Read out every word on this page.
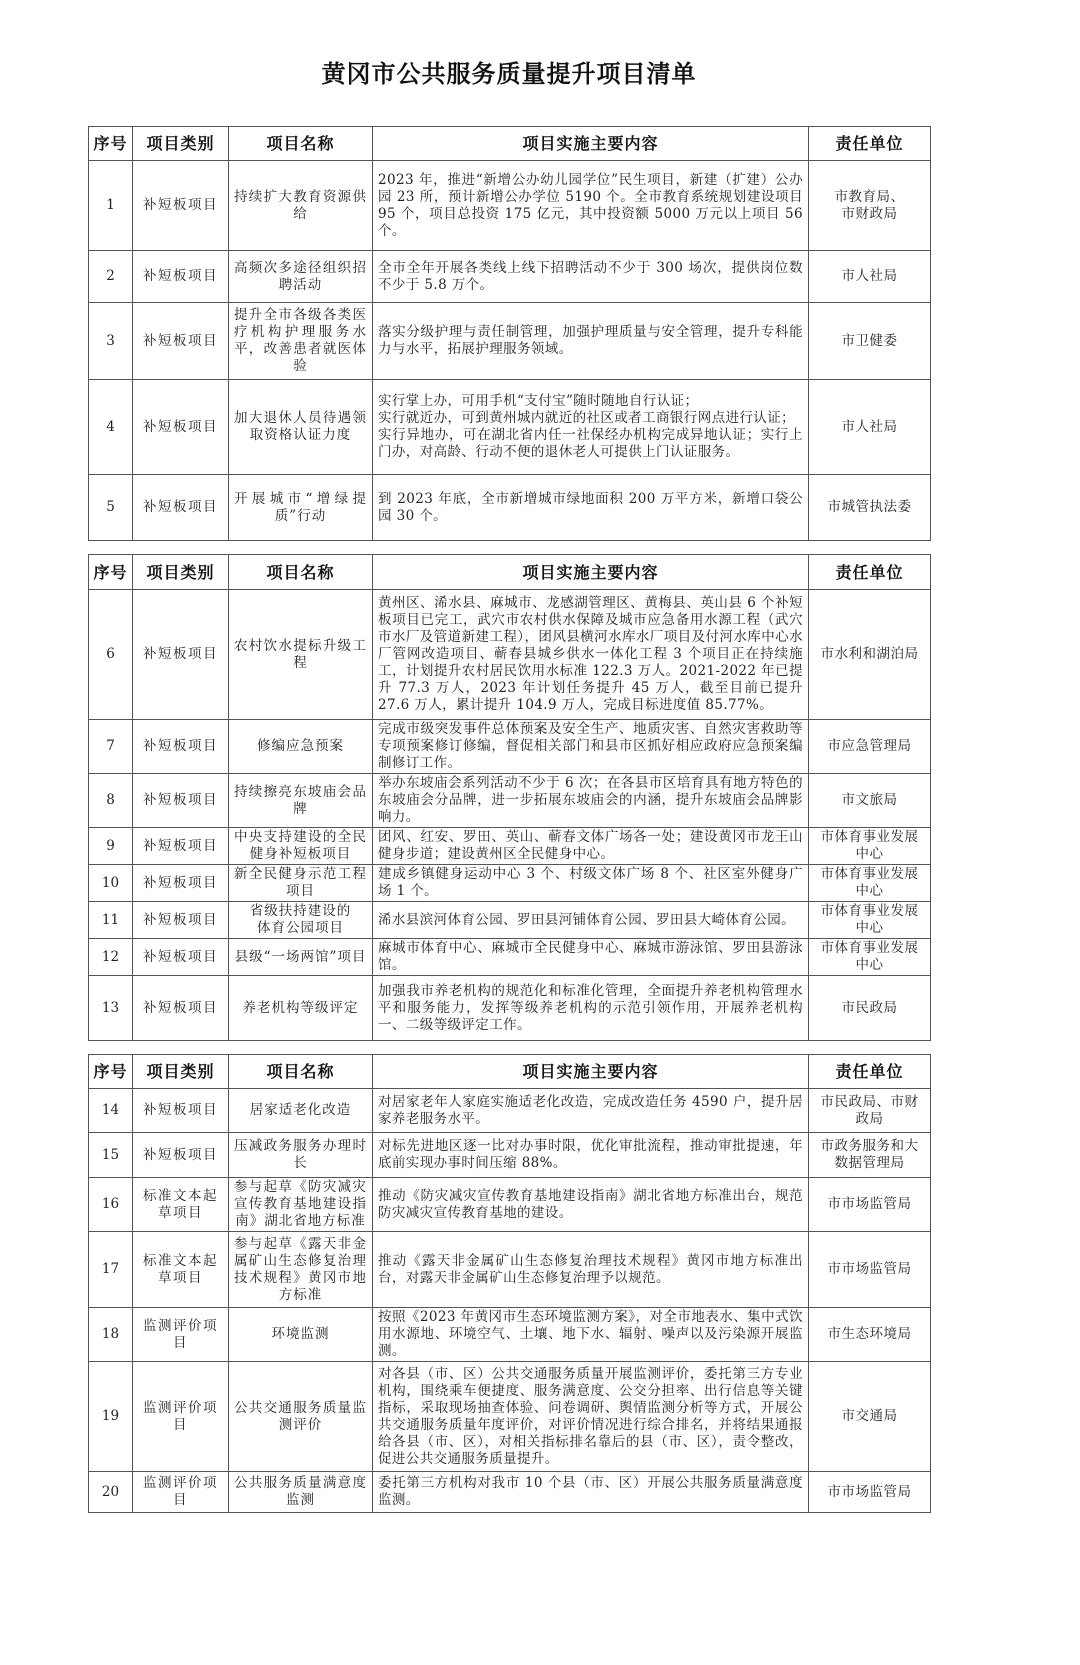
黄冈市公共服务质量提升项目清单
序号	项目类别	项目名称	项目实施主要内容	责任单位
1	补短板项目	持续扩大教育资源供给	2023 年，推进“新增公办幼儿园学位”民生项目，新建（扩建）公办园 23 所，预计新增公办学位 5190 个。全市教育系统规划建设项目 95 个，项目总投资 175 亿元，其中投资额 5000 万元以上项目 56 个。	市教育局、
市财政局
2	补短板项目	高频次多途径组织招聘活动	全市全年开展各类线上线下招聘活动不少于 300 场次，提供岗位数不少于 5.8 万个。	市人社局
3	补短板项目	提升全市各级各类医疗机构护理服务水平，改善患者就医体验	落实分级护理与责任制管理，加强护理质量与安全管理，提升专科能力与水平，拓展护理服务领域。	市卫健委
4	补短板项目	加大退休人员待遇领取资格认证力度	实行掌上办，可用手机“支付宝”随时随地自行认证；
实行就近办，可到黄州城内就近的社区或者工商银行网点进行认证；
实行异地办，可在湖北省内任一社保经办机构完成异地认证；实行上门办，对高龄、行动不便的退休老人可提供上门认证服务。	市人社局
5	补短板项目	开展城市“增绿提质”行动	到 2023 年底，全市新增城市绿地面积 200 万平方米，新增口袋公园 30 个。	市城管执法委
序号	项目类别	项目名称	项目实施主要内容	责任单位
6	补短板项目	农村饮水提标升级工程	黄州区、浠水县、麻城市、龙感湖管理区、黄梅县、英山县 6 个补短板项目已完工，武穴市农村供水保障及城市应急备用水源工程（武穴市水厂及管道新建工程），团风县横河水库水厂项目及付河水库中心水厂管网改造项目、蕲春县城乡供水一体化工程 3 个项目正在持续施工，计划提升农村居民饮用水标准 122.3 万人。2021-2022 年已提升 77.3 万人，2023 年计划任务提升 45 万人，截至目前已提升 27.6 万人，累计提升 104.9 万人，完成目标进度值 85.77%。	市水利和湖泊局
7	补短板项目	修编应急预案	完成市级突发事件总体预案及安全生产、地质灾害、自然灾害救助等专项预案修订修编，督促相关部门和县市区抓好相应政府应急预案编制修订工作。	市应急管理局
8	补短板项目	持续擦亮东坡庙会品牌	举办东坡庙会系列活动不少于 6 次；在各县市区培育具有地方特色的东坡庙会分品牌，进一步拓展东坡庙会的内涵，提升东坡庙会品牌影响力。	市文旅局
9	补短板项目	中央支持建设的全民健身补短板项目	团风、红安、罗田、英山、蕲春文体广场各一处；建设黄冈市龙王山健身步道；建设黄州区全民健身中心。	市体育事业发展中心
10	补短板项目	新全民健身示范工程项目	建成乡镇健身运动中心 3 个、村级文体广场 8 个、社区室外健身广场 1 个。	市体育事业发展中心
11	补短板项目	省级扶持建设的
体育公园项目	浠水县滨河体育公园、罗田县河铺体育公园、罗田县大崎体育公园。	市体育事业发展中心
12	补短板项目	县级“一场两馆”项目	麻城市体育中心、麻城市全民健身中心、麻城市游泳馆、罗田县游泳馆。	市体育事业发展中心
13	补短板项目	养老机构等级评定	加强我市养老机构的规范化和标准化管理，全面提升养老机构管理水平和服务能力，发挥等级养老机构的示范引领作用，开展养老机构一、二级等级评定工作。	市民政局
序号	项目类别	项目名称	项目实施主要内容	责任单位
14	补短板项目	居家适老化改造	对居家老年人家庭实施适老化改造，完成改造任务 4590 户，提升居家养老服务水平。	市民政局、市财政局
15	补短板项目	压减政务服务办理时长	对标先进地区逐一比对办事时限，优化审批流程，推动审批提速，年底前实现办事时间压缩 88%。	市政务服务和大数据管理局
16	标准文本起草项目	参与起草《防灾减灾宣传教育基地建设指南》湖北省地方标准	推动《防灾减灾宣传教育基地建设指南》湖北省地方标准出台，规范防灾减灾宣传教育基地的建设。	市市场监管局
17	标准文本起草项目	参与起草《露天非金属矿山生态修复治理技术规程》黄冈市地方标准	推动《露天非金属矿山生态修复治理技术规程》黄冈市地方标准出台，对露天非金属矿山生态修复治理予以规范。	市市场监管局
18	监测评价项目	环境监测	按照《2023 年黄冈市生态环境监测方案》，对全市地表水、集中式饮用水源地、环境空气、土壤、地下水、辐射、噪声以及污染源开展监测。	市生态环境局
19	监测评价项目	公共交通服务质量监测评价	对各县（市、区）公共交通服务质量开展监测评价，委托第三方专业机构，围绕乘车便捷度、服务满意度、公交分担率、出行信息等关键指标，采取现场抽查体验、问卷调研、舆情监测分析等方式，开展公共交通服务质量年度评价，对评价情况进行综合排名，并将结果通报给各县（市、区），对相关指标排名靠后的县（市、区），责令整改，促进公共交通服务质量提升。	市交通局
20	监测评价项目	公共服务质量满意度监测	委托第三方机构对我市 10 个县（市、区）开展公共服务质量满意度监测。	市市场监管局
